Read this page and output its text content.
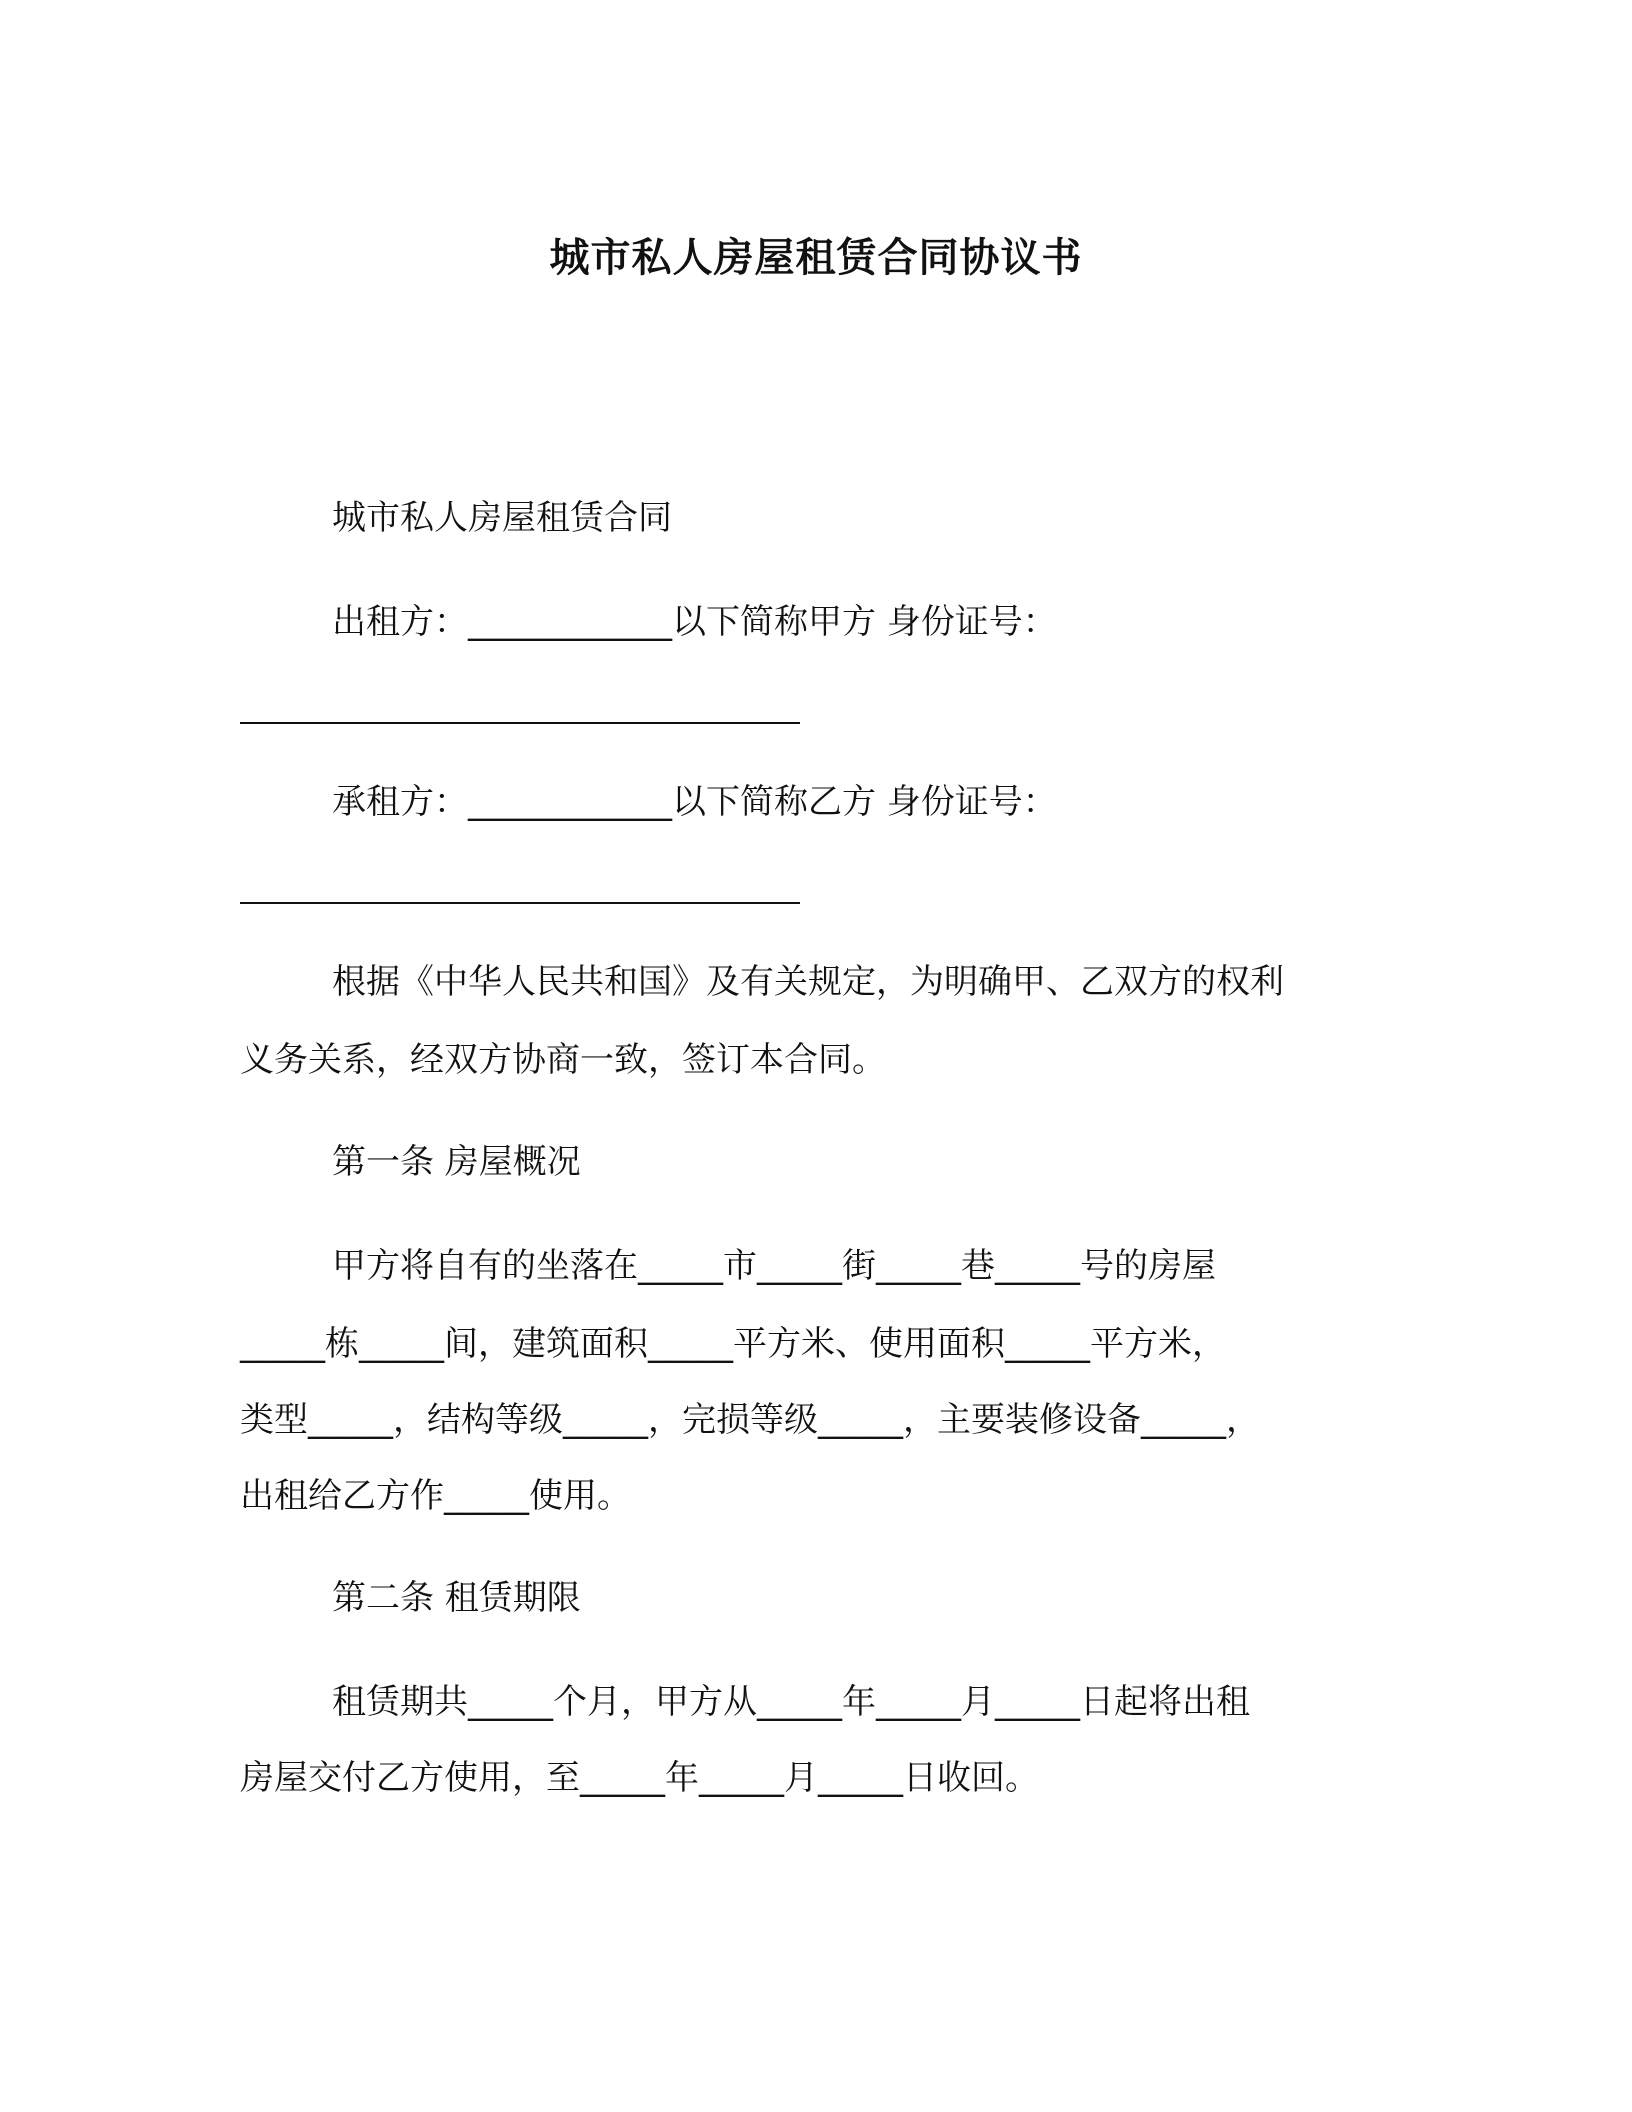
城市私人房屋租赁合同协议书
城市私人房屋租赁合同
出租方：____________以下简称甲方 身份证号：
承租方：____________以下简称乙方 身份证号：
根据《中华人民共和国》及有关规定，为明确甲、乙双方的权利
义务关系，经双方协商一致，签订本合同。
第一条 房屋概况
甲方将自有的坐落在_____市_____街_____巷_____号的房屋
_____栋_____间，建筑面积_____平方米、使用面积_____平方米，
类型_____，结构等级_____，完损等级_____，主要装修设备_____，
出租给乙方作_____使用。
第二条 租赁期限
租赁期共_____个月，甲方从_____年_____月_____日起将出租
房屋交付乙方使用，至_____年_____月_____日收回。
